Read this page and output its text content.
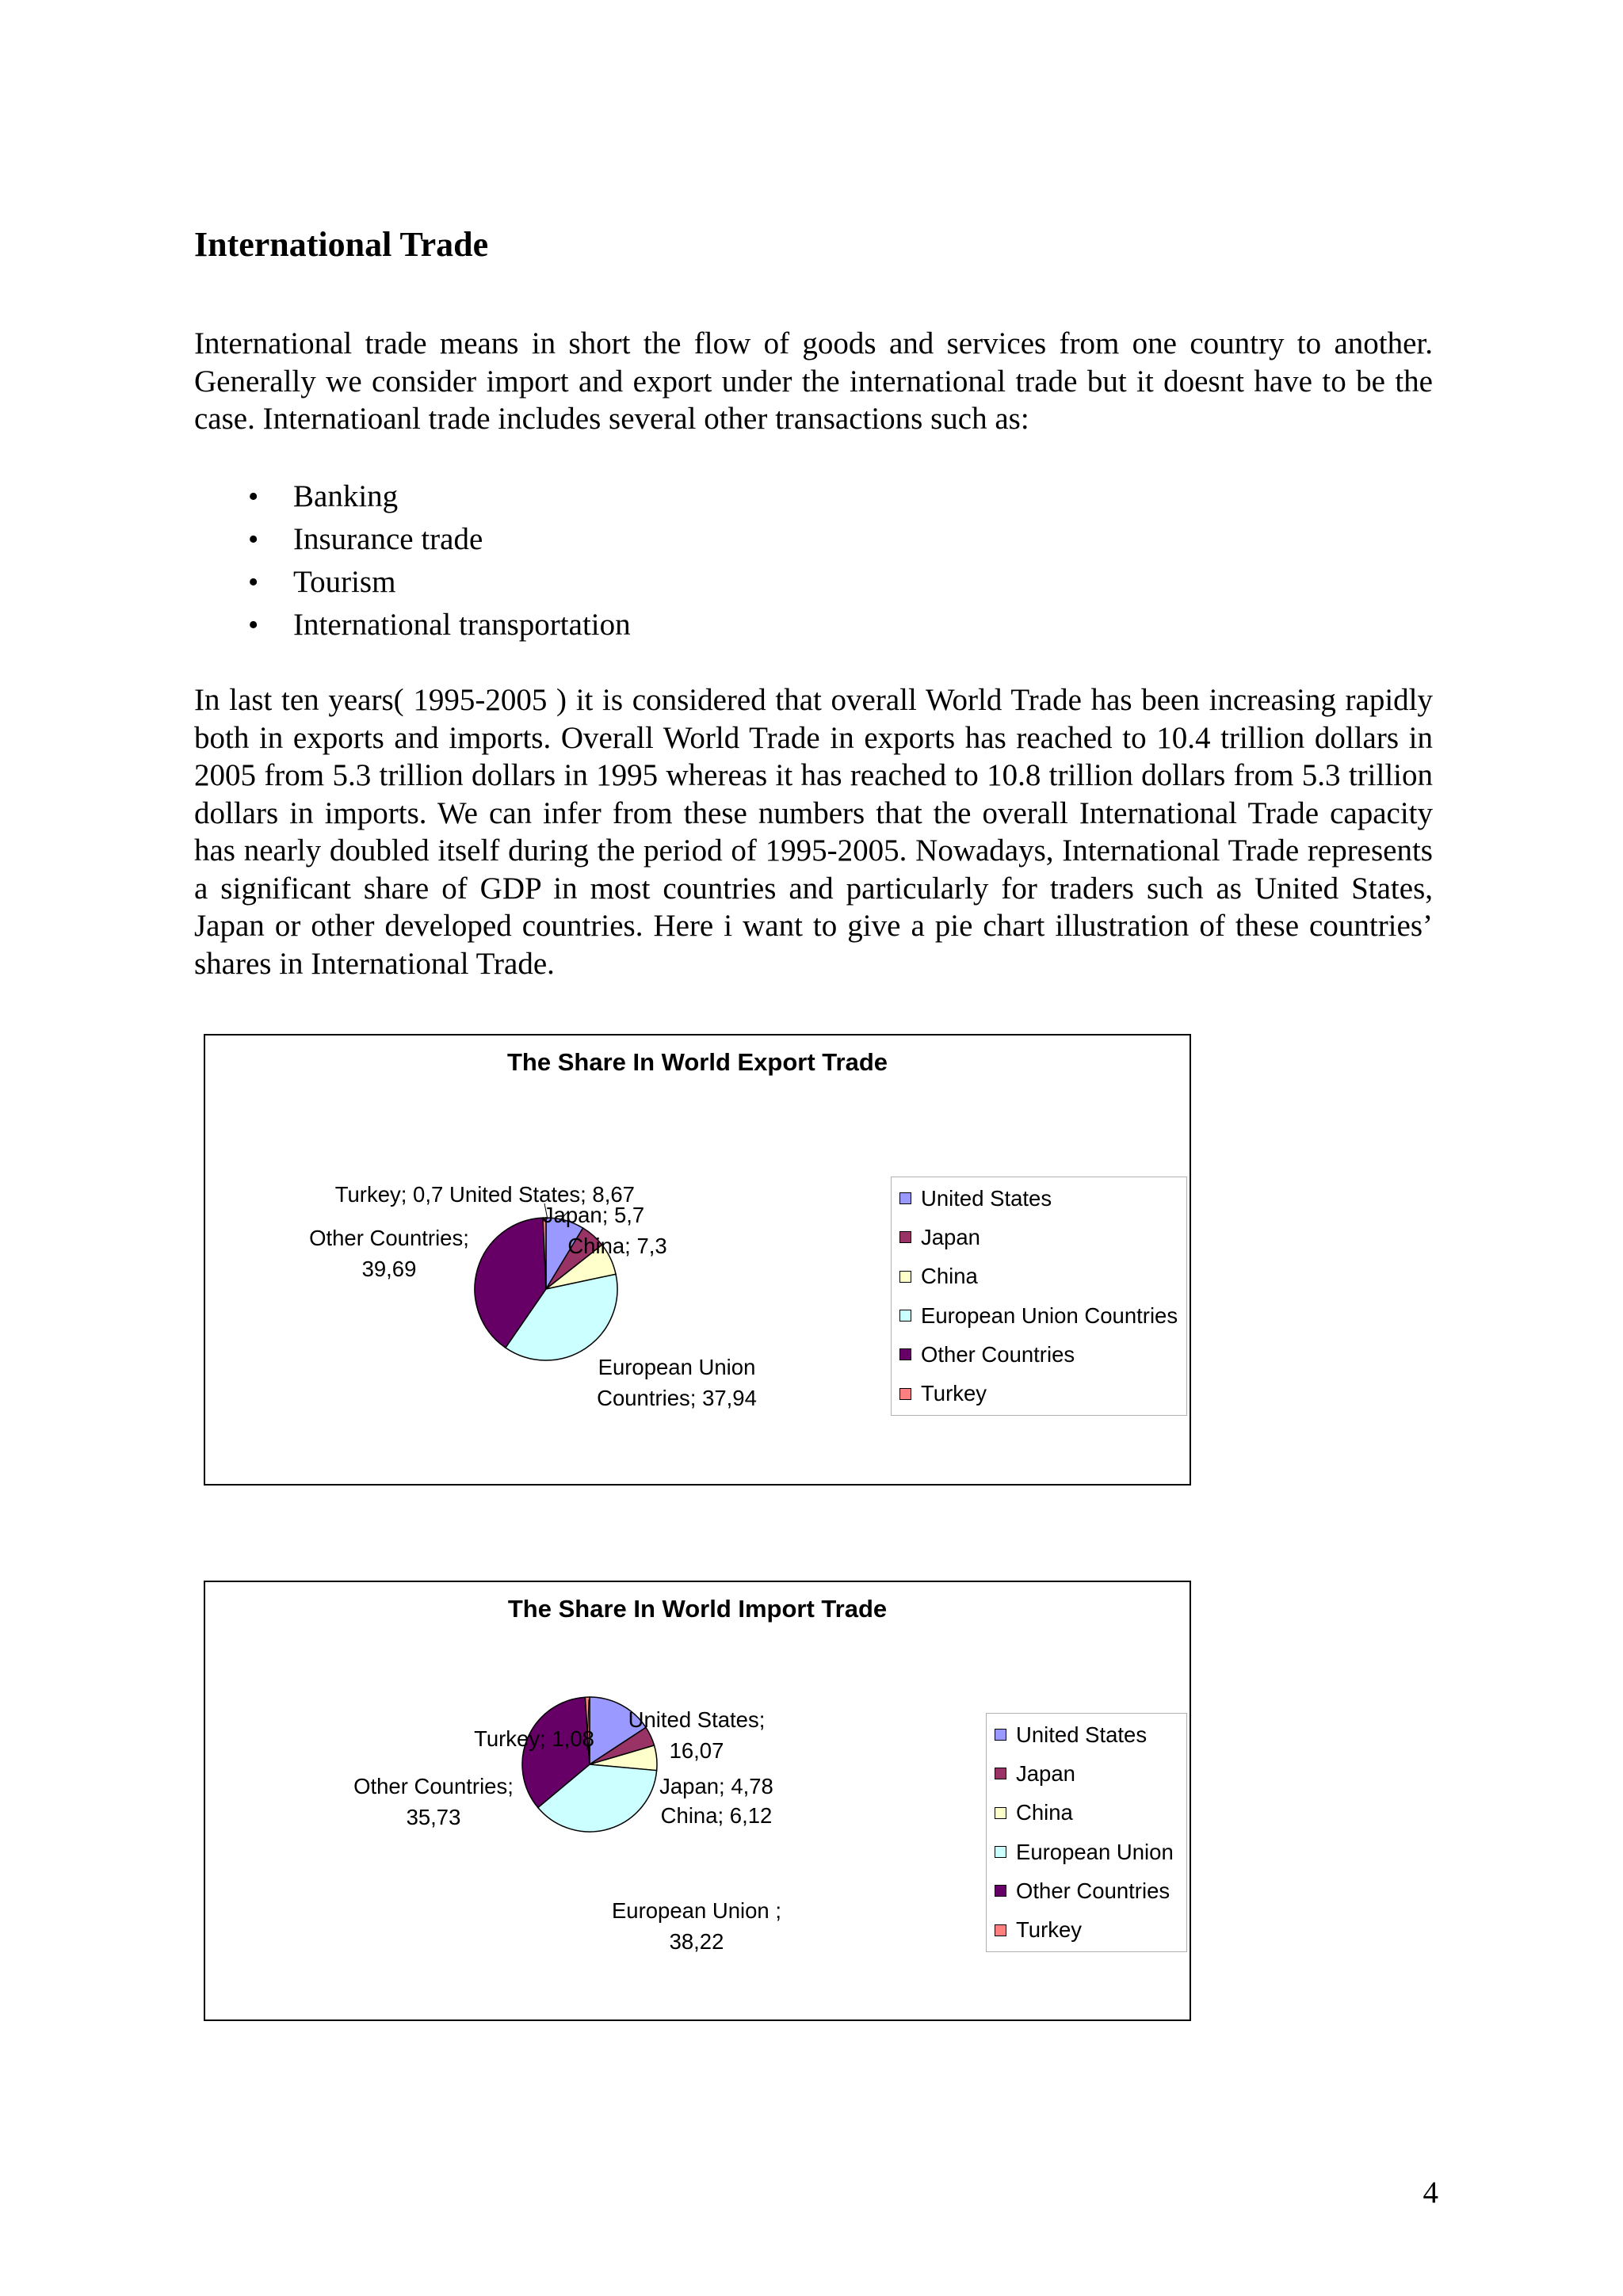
International Trade

International trade means in short the flow of goods and services from one country to another. Generally we consider import and export under the international trade but it doesnt have to be the case. Internatioanl trade includes several other transactions such as:

• Banking
• Insurance trade
• Tourism
• International transportation

In last ten years( 1995-2005 ) it is considered that overall World Trade has been increasing rapidly both in exports and imports. Overall World Trade in exports has reached to 10.4 trillion dollars in 2005 from 5.3 trillion dollars in 1995 whereas it has reached to 10.8 trillion dollars from 5.3 trillion dollars in imports. We can infer from these numbers that the overall International Trade capacity has nearly doubled itself during the period of 1995-2005. Nowadays, International Trade represents a significant share of GDP in most countries and particularly for traders such as United States, Japan or other developed countries. Here i want to give a pie chart illustration of these countries’ shares in International Trade.

The Share In World Export Trade
United States; 8,67
Japan; 5,7
China; 7,3
European Union Countries; 37,94
Other Countries; 39,69
Turkey; 0,7	United States
Japan
China
European Union Countries
Other Countries
Turkey
The Share In World Import Trade
United States; 16,07
Japan; 4,78
China; 6,12
European Union ; 38,22
Other Countries; 35,73
Turkey; 1,08	United States
Japan
China
European Union
Other Countries
Turkey
4
